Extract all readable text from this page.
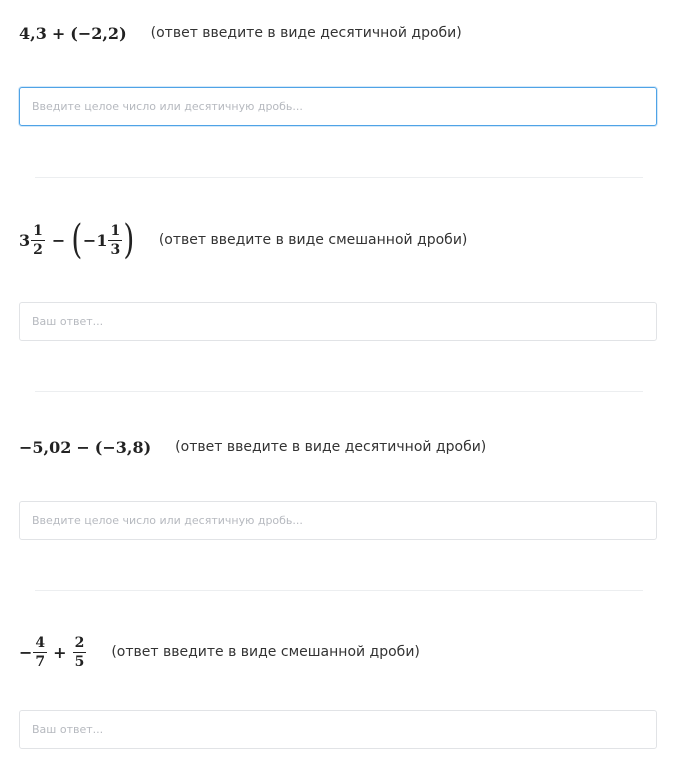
4,3 + (−2,2) (ответ введите в виде десятичной дроби)
Введите целое число или десятичную дробь...
$3 \frac{1}{2}$ − ( − $1 \frac{1}{3}$ ) (ответ введите в виде смешанной дроби)
Ваш ответ...
−5,02 − (−3,8) (ответ введите в виде десятичной дроби)
Введите целое число или десятичную дробь...
− $\frac{4}{7} + \frac{2}{5}$ (ответ введите в виде смешанной дроби)
Ваш ответ...
